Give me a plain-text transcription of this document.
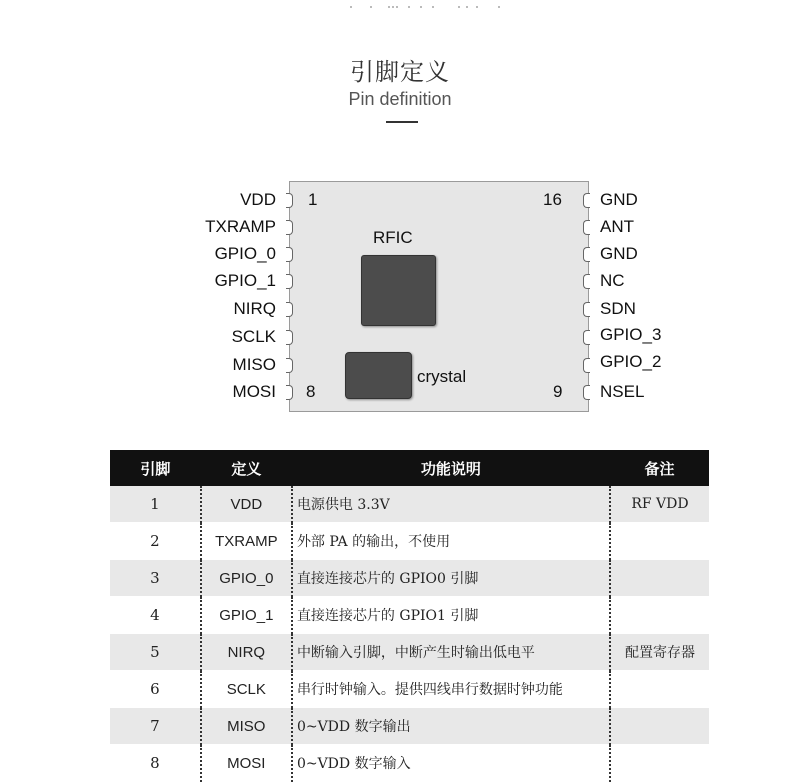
引脚定义
Pin definition
RFIC
crystal
1
8
16
9
VDD
TXRAMP
GPIO_0
GPIO_1
NIRQ
SCLK
MISO
MOSI
GND
ANT
GND
NC
SDN
GPIO_3
GPIO_2
NSEL
引脚	定义	功能说明	备注
1	VDD	电源供电 3.3V	RF VDD
2	TXRAMP	外部 PA 的输出，不使用	
3	GPIO_0	直接连接芯片的 GPIO0 引脚	
4	GPIO_1	直接连接芯片的 GPIO1 引脚	
5	NIRQ	中断输入引脚，中断产生时输出低电平	配置寄存器
6	SCLK	串行时钟输入。提供四线串行数据时钟功能	
7	MISO	0~VDD 数字输出	
8	MOSI	0~VDD 数字输入	
